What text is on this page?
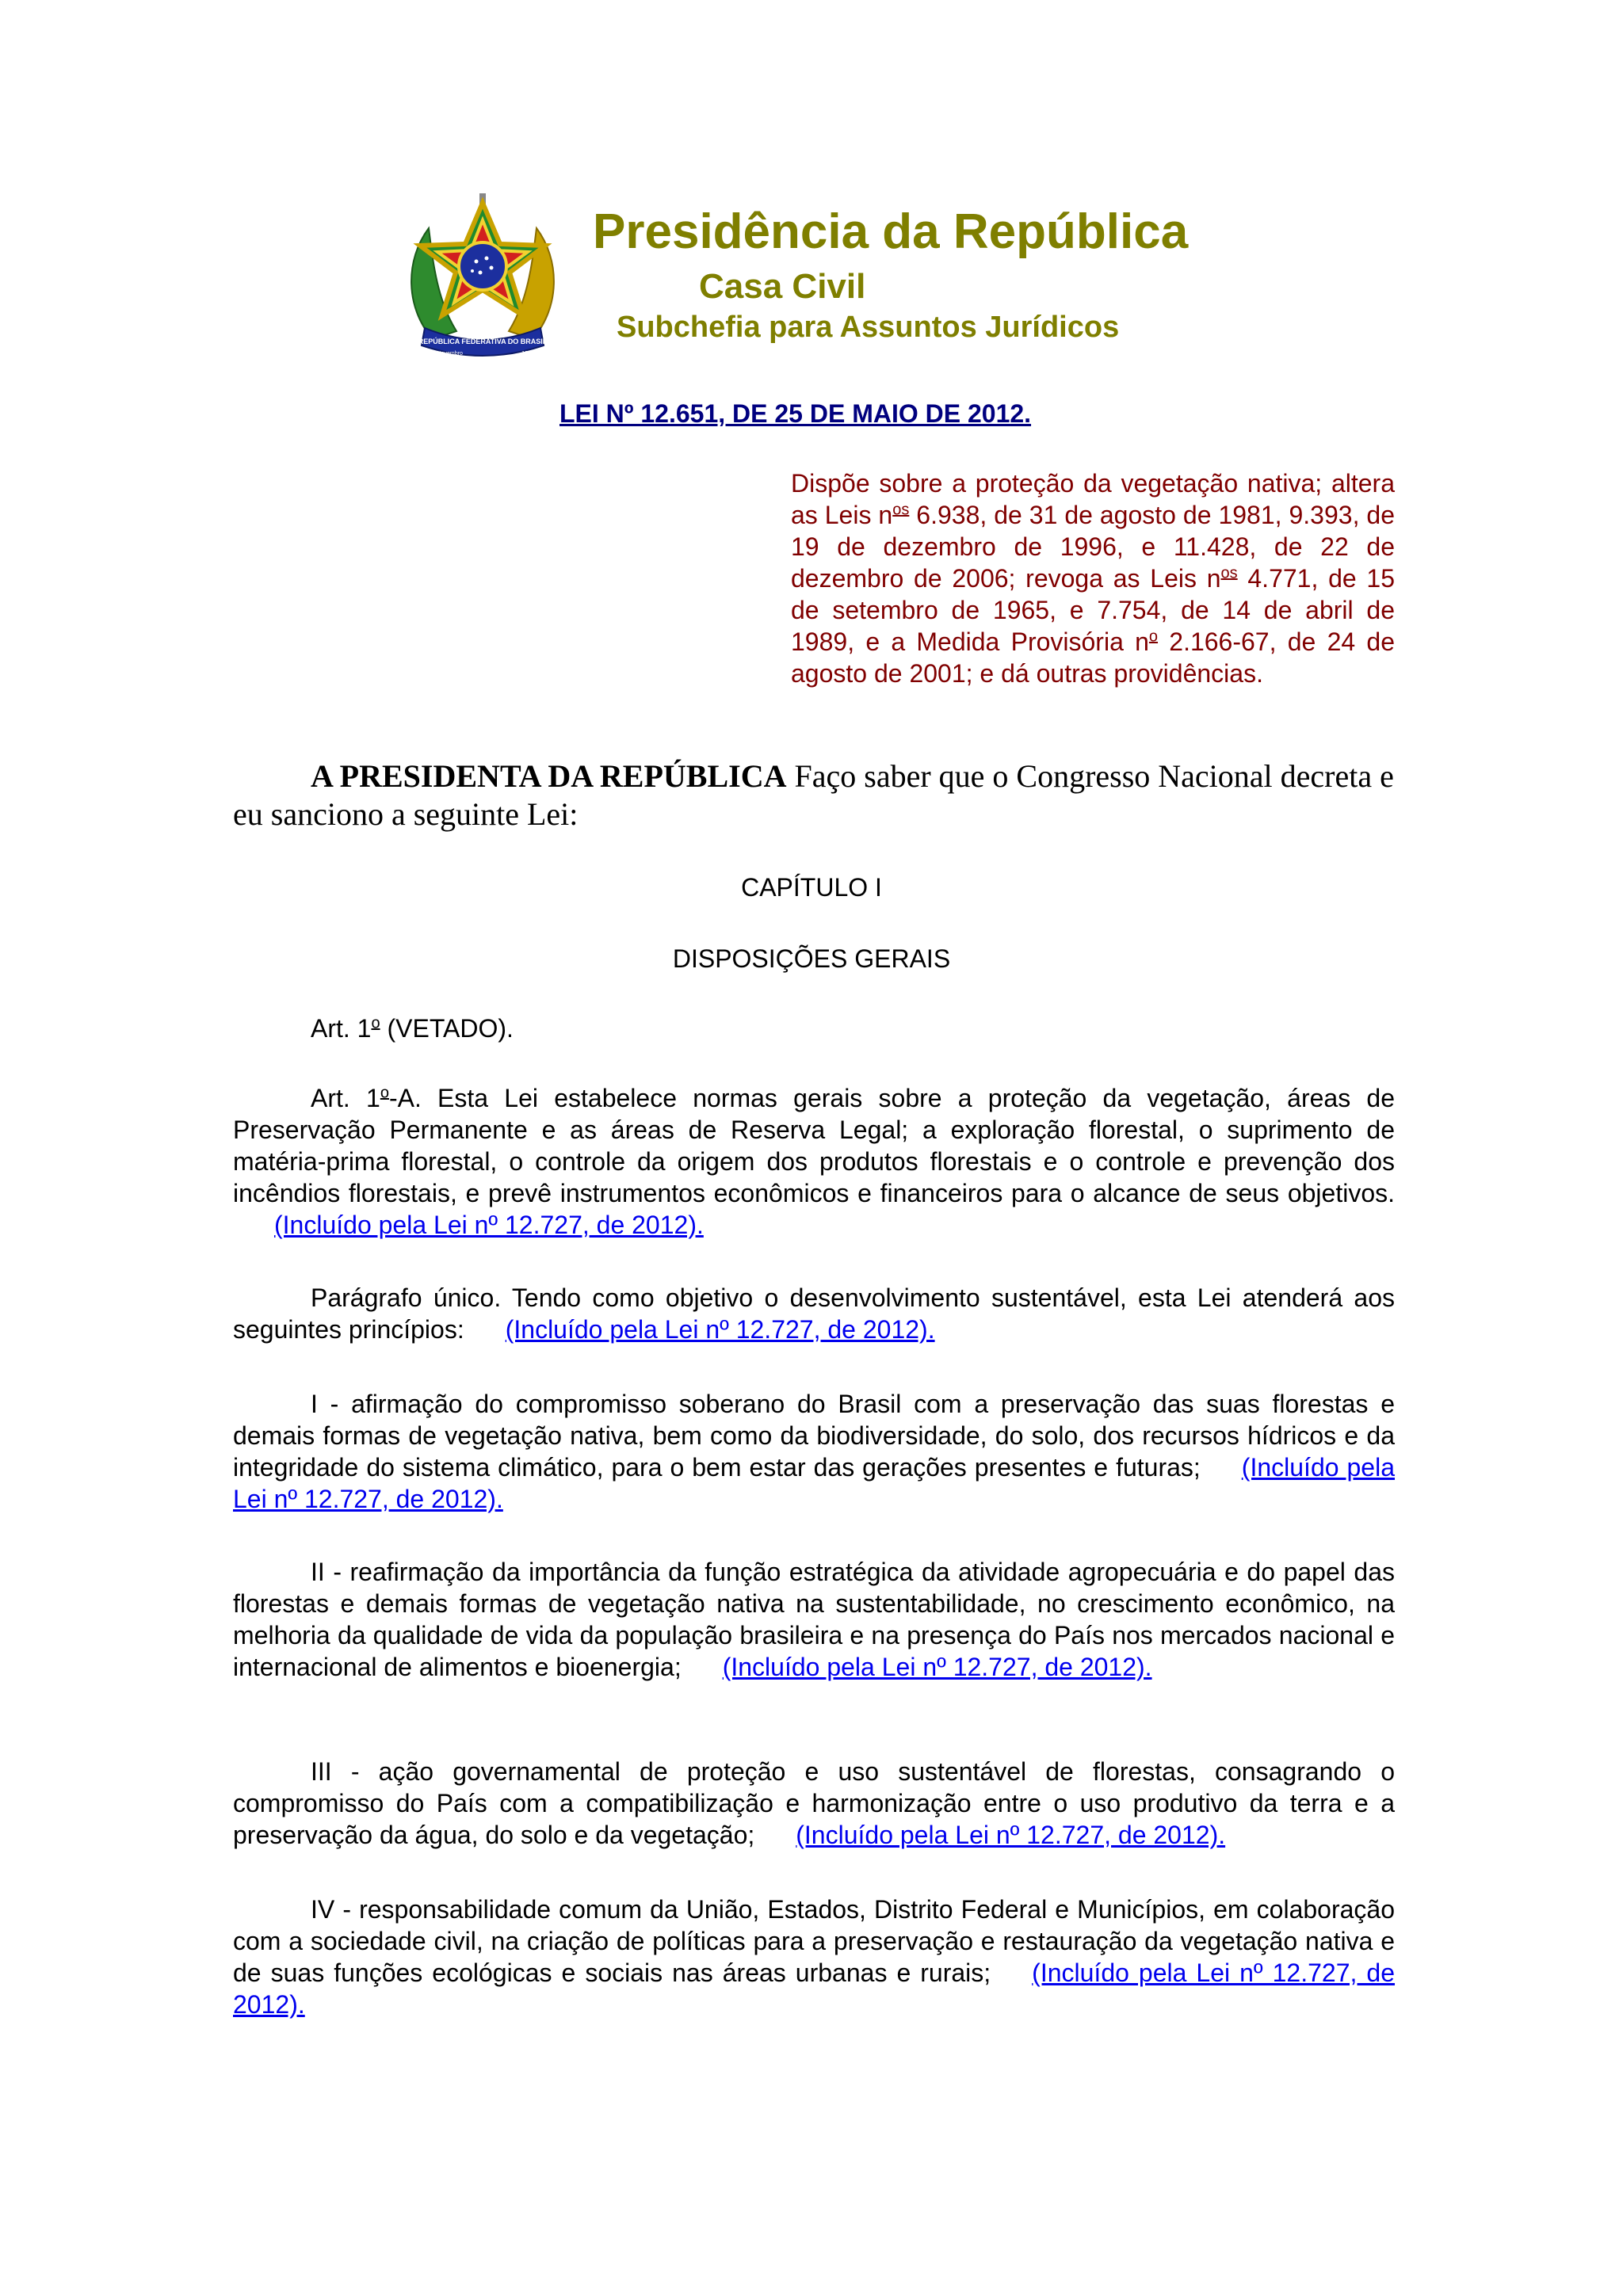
REPÚBLICA FEDERATIVA DO BRASIL
15 de Novembro	1889
Presidência da República
Casa Civil
Subchefia para Assuntos Jurídicos
LEI Nº 12.651, DE 25 DE MAIO DE 2012.
Dispõe sobre a proteção da vegetação nativa; altera as Leis $n^{os}$ 6.938, de 31 de agosto de 1981, 9.393, de 19 de dezembro de 1996, e 11.428, de 22 de dezembro de 2006; revoga as Leis $n^{os}$ 4.771, de 15 de setembro de 1965, e 7.754, de 14 de abril de 1989, e a Medida Provisória $n^o$ 2.166-67, de 24 de agosto de 2001; e dá outras providências.
A PRESIDENTA DA REPÚBLICA Faço saber que o Congresso Nacional decreta e eu sanciono a seguinte Lei:
CAPÍTULO I
DISPOSIÇÕES GERAIS
Art. 1$^o$ (VETADO).
Art. 1$^o$-A. Esta Lei estabelece normas gerais sobre a proteção da vegetação, áreas de Preservação Permanente e as áreas de Reserva Legal; a exploração florestal, o suprimento de matéria-prima florestal, o controle da origem dos produtos florestais e o controle e prevenção dos incêndios florestais, e prevê instrumentos econômicos e financeiros para o alcance de seus objetivos.(Incluído pela Lei nº 12.727, de 2012).
Parágrafo único. Tendo como objetivo o desenvolvimento sustentável, esta Lei atenderá aos seguintes princípios: (Incluído pela Lei nº 12.727, de 2012).
I - afirmação do compromisso soberano do Brasil com a preservação das suas florestas e demais formas de vegetação nativa, bem como da biodiversidade, do solo, dos recursos hídricos e da integridade do sistema climático, para o bem estar das gerações presentes e futuras; (Incluído pela Lei nº 12.727, de 2012).
II - reafirmação da importância da função estratégica da atividade agropecuária e do papel das florestas e demais formas de vegetação nativa na sustentabilidade, no crescimento econômico, na melhoria da qualidade de vida da população brasileira e na presença do País nos mercados nacional e internacional de alimentos e bioenergia; (Incluído pela Lei nº 12.727, de 2012).
III - ação governamental de proteção e uso sustentável de florestas, consagrando o compromisso do País com a compatibilização e harmonização entre o uso produtivo da terra e a preservação da água, do solo e da vegetação; (Incluído pela Lei nº 12.727, de 2012).
IV - responsabilidade comum da União, Estados, Distrito Federal e Municípios, em colaboração com a sociedade civil, na criação de políticas para a preservação e restauração da vegetação nativa e de suas funções ecológicas e sociais nas áreas urbanas e rurais; (Incluído pela Lei nº 12.727, de 2012).
